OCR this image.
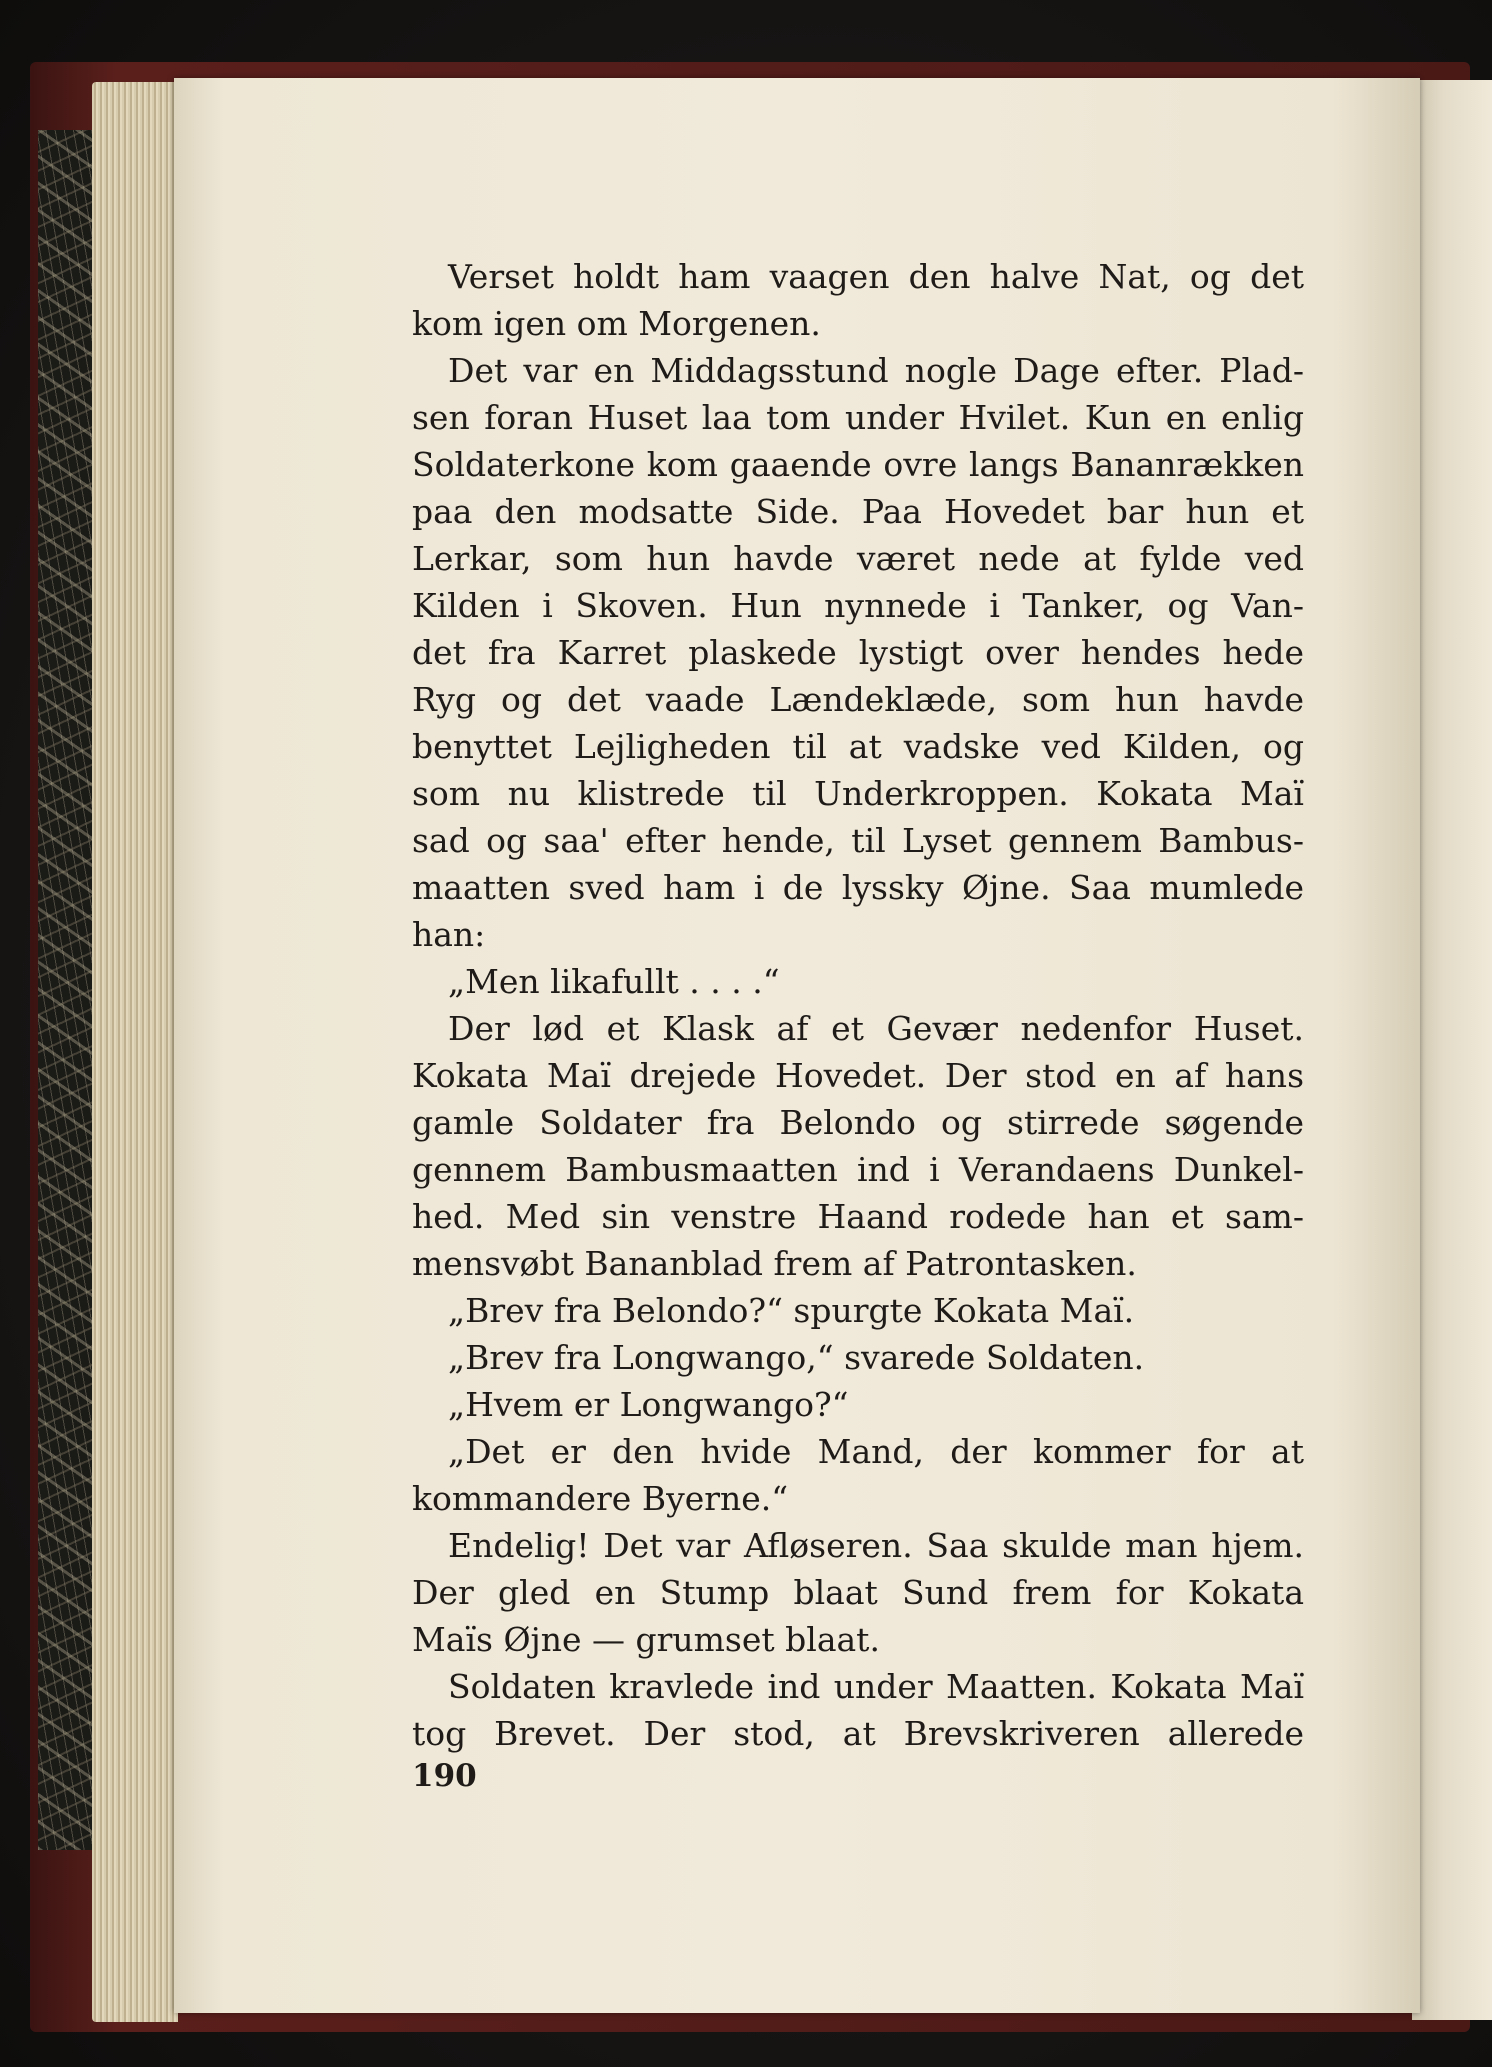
Verset holdt ham vaagen den halve Nat, og det
kom igen om Morgenen.
Det var en Middagsstund nogle Dage efter. Plad-
sen foran Huset laa tom under Hvilet. Kun en enlig
Soldaterkone kom gaaende ovre langs Bananrækken
paa den modsatte Side. Paa Hovedet bar hun et
Lerkar, som hun havde været nede at fylde ved
Kilden i Skoven. Hun nynnede i Tanker, og Van-
det fra Karret plaskede lystigt over hendes hede
Ryg og det vaade Lændeklæde, som hun havde
benyttet Lejligheden til at vadske ved Kilden, og
som nu klistrede til Underkroppen. Kokata Maï
sad og saa' efter hende, til Lyset gennem Bambus-
maatten sved ham i de lyssky Øjne. Saa mumlede
han:
„Men likafullt . . . .“
Der lød et Klask af et Gevær nedenfor Huset.
Kokata Maï drejede Hovedet. Der stod en af hans
gamle Soldater fra Belondo og stirrede søgende
gennem Bambusmaatten ind i Verandaens Dunkel-
hed. Med sin venstre Haand rodede han et sam-
mensvøbt Bananblad frem af Patrontasken.
„Brev fra Belondo?“ spurgte Kokata Maï.
„Brev fra Longwango,“ svarede Soldaten.
„Hvem er Longwango?“
„Det er den hvide Mand, der kommer for at
kommandere Byerne.“
Endelig! Det var Afløseren. Saa skulde man hjem.
Der gled en Stump blaat Sund frem for Kokata
Maïs Øjne — grumset blaat.
Soldaten kravlede ind under Maatten. Kokata Maï
tog Brevet. Der stod, at Brevskriveren allerede
190
